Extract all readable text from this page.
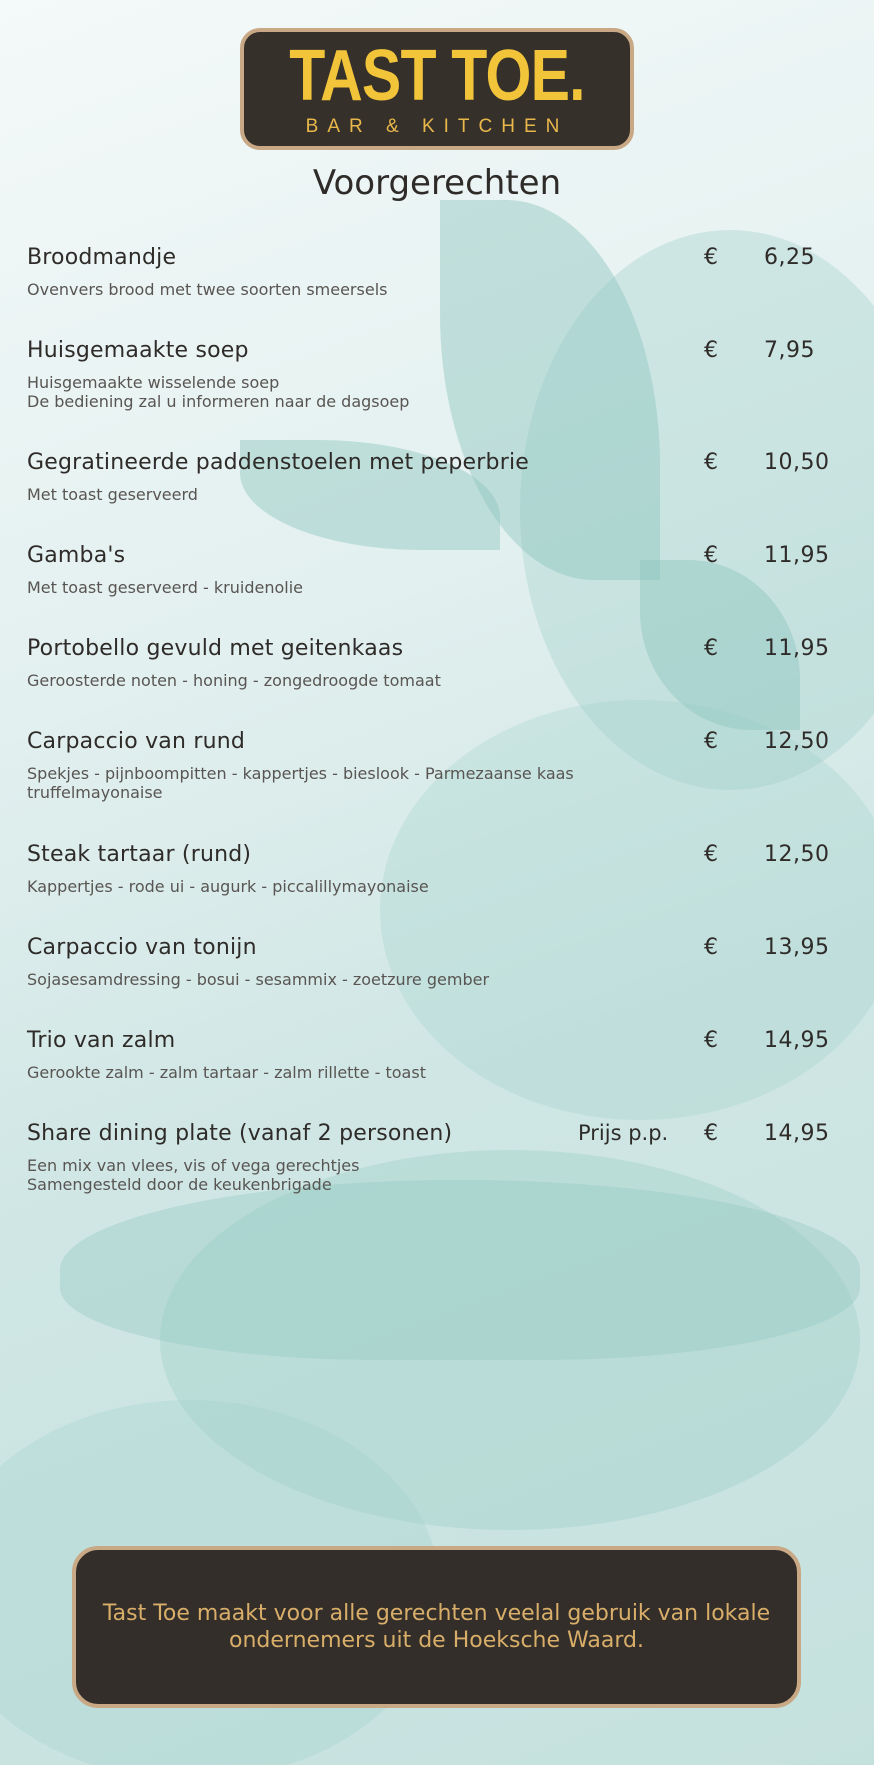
TAST TOE.
BAR & KITCHEN
Voorgerechten
Broodmandje	€ 6,25
Ovenvers brood met twee soorten smeersels
Huisgemaakte soep	€ 7,95
Huisgemaakte wisselende soep
De bediening zal u informeren naar de dagsoep
Gegratineerde paddenstoelen met peperbrie	€ 10,50
Met toast geserveerd
Gamba's	€ 11,95
Met toast geserveerd - kruidenolie
Portobello gevuld met geitenkaas	€ 11,95
Geroosterde noten - honing - zongedroogde tomaat
Carpaccio van rund	€ 12,50
Spekjes - pijnboompitten - kappertjes - bieslook - Parmezaanse kaas
truffelmayonaise
Steak tartaar (rund)	€ 12,50
Kappertjes - rode ui - augurk - piccalillymayonaise
Carpaccio van tonijn	€ 13,95
Sojasesamdressing - bosui - sesammix - zoetzure gember
Trio van zalm	€ 14,95
Gerookte zalm - zalm tartaar - zalm rillette - toast
Share dining plate (vanaf 2 personen)	Prijs p.p. € 14,95
Een mix van vlees, vis of vega gerechtjes
Samengesteld door de keukenbrigade
Tast Toe maakt voor alle gerechten veelal gebruik van lokale
ondernemers uit de Hoeksche Waard.
